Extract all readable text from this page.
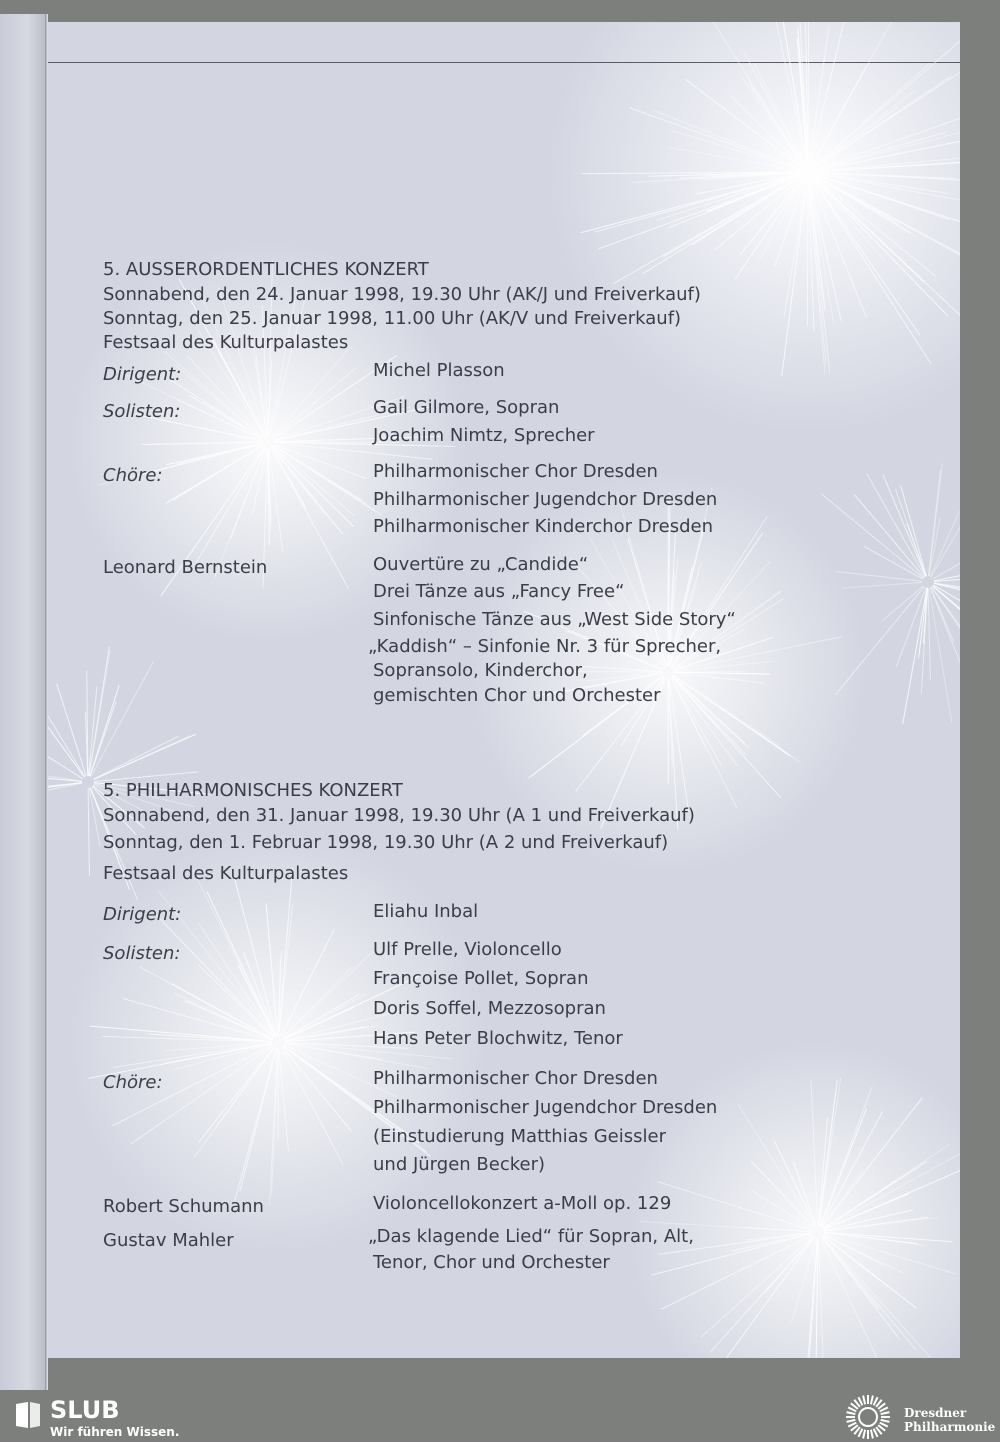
5. AUSSERORDENTLICHES KONZERT
Sonnabend, den 24. Januar 1998, 19.30 Uhr (AK/J und Freiverkauf)
Sonntag, den 25. Januar 1998, 11.00 Uhr (AK/V und Freiverkauf)
Festsaal des Kulturpalastes
Dirigent:	Michel Plasson
Solisten:	Gail Gilmore, Sopran
Joachim Nimtz, Sprecher
Chöre:	Philharmonischer Chor Dresden
Philharmonischer Jugendchor Dresden
Philharmonischer Kinderchor Dresden
Leonard Bernstein	Ouvertüre zu „Candide“
Drei Tänze aus „Fancy Free“
Sinfonische Tänze aus „West Side Story“
„Kaddish“ – Sinfonie Nr. 3 für Sprecher,
Sopransolo, Kinderchor,
gemischten Chor und Orchester
5. PHILHARMONISCHES KONZERT
Sonnabend, den 31. Januar 1998, 19.30 Uhr (A 1 und Freiverkauf)
Sonntag, den 1. Februar 1998, 19.30 Uhr (A 2 und Freiverkauf)
Festsaal des Kulturpalastes
Dirigent:	Eliahu Inbal
Solisten:	Ulf Prelle, Violoncello
Françoise Pollet, Sopran
Doris Soffel, Mezzosopran
Hans Peter Blochwitz, Tenor
Chöre:	Philharmonischer Chor Dresden
Philharmonischer Jugendchor Dresden
(Einstudierung Matthias Geissler
und Jürgen Becker)
Robert Schumann	Violoncellokonzert a-Moll op. 129
Gustav Mahler	„Das klagende Lied“ für Sopran, Alt,
Tenor, Chor und Orchester
SLUB
Wir führen Wissen.
Dresdner
Philharmonie
